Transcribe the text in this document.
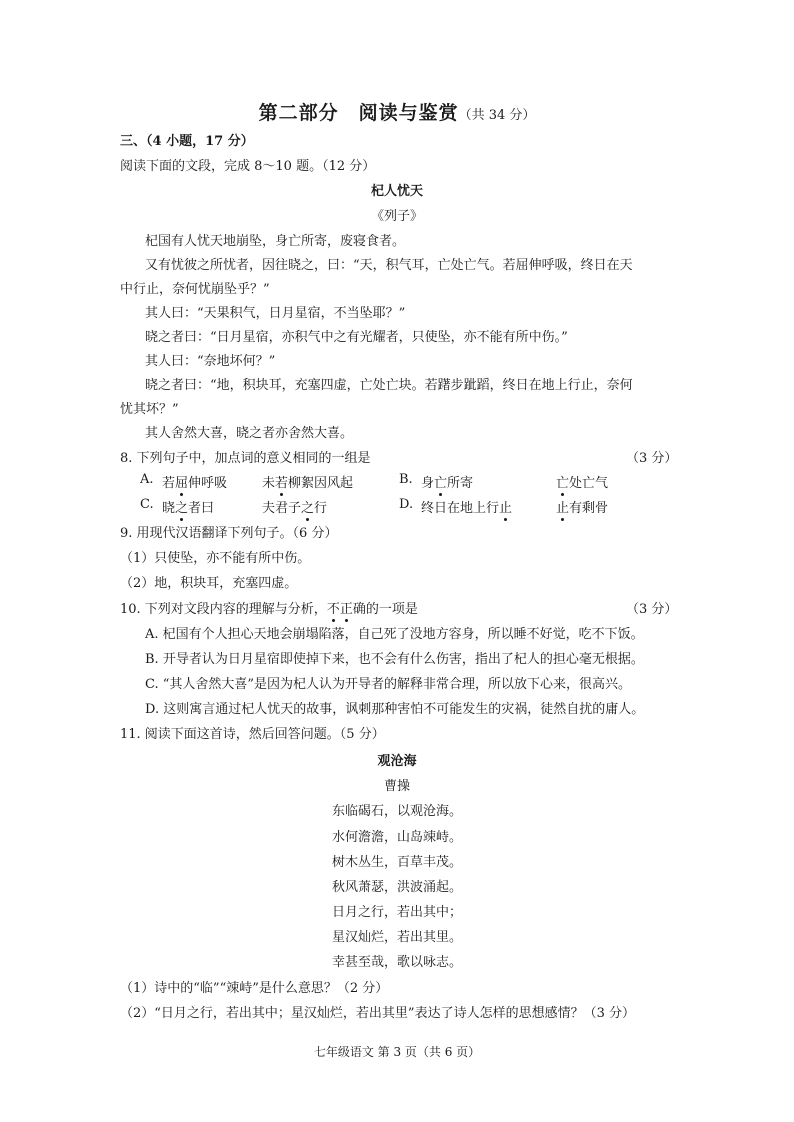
第二部分　阅读与鉴赏（共 34 分）
三、（4 小题，17 分）
阅读下面的文段，完成 8～10 题。（12 分）
杞人忧天
《列子》
杞国有人忧天地崩坠，身亡所寄，废寝食者。
又有忧彼之所忧者，因往晓之，曰：“天，积气耳，亡处亡气。若屈伸呼吸，终日在天
中行止，奈何忧崩坠乎？”
其人曰：“天果积气，日月星宿，不当坠耶？”
晓之者曰：“日月星宿，亦积气中之有光耀者，只使坠，亦不能有所中伤。”
其人曰：“奈地坏何？”
晓之者曰：“地，积块耳，充塞四虚，亡处亡块。若躇步跐蹈，终日在地上行止，奈何
忧其坏？”
其人舍然大喜，晓之者亦舍然大喜。
8. 下列句子中，加点词的意义相同的一组是	（3 分）
A. 若屈伸呼吸	未若柳絮因风起	B. 身亡所寄	亡处亡气
C. 晓之者曰	夫君子之行	D. 终日在地上行止	止有剩骨
9. 用现代汉语翻译下列句子。（6 分）
（1）只使坠，亦不能有所中伤。
（2）地，积块耳，充塞四虚。
10. 下列对文段内容的理解与分析，不正确的一项是	（3 分）
A. 杞国有个人担心天地会崩塌陷落，自己死了没地方容身，所以睡不好觉，吃不下饭。
B. 开导者认为日月星宿即使掉下来，也不会有什么伤害，指出了杞人的担心毫无根据。
C. “其人舍然大喜”是因为杞人认为开导者的解释非常合理，所以放下心来，很高兴。
D. 这则寓言通过杞人忧天的故事，讽刺那种害怕不可能发生的灾祸，徒然自扰的庸人。
11. 阅读下面这首诗，然后回答问题。（5 分）
观沧海
曹操
东临碣石，以观沧海。
水何澹澹，山岛竦峙。
树木丛生，百草丰茂。
秋风萧瑟，洪波涌起。
日月之行，若出其中；
星汉灿烂，若出其里。
幸甚至哉，歌以咏志。
（1）诗中的“临”“竦峙”是什么意思？（2 分）
（2）“日月之行，若出其中；星汉灿烂，若出其里”表达了诗人怎样的思想感情？（3 分）
七年级语文 第 3 页（共 6 页）
